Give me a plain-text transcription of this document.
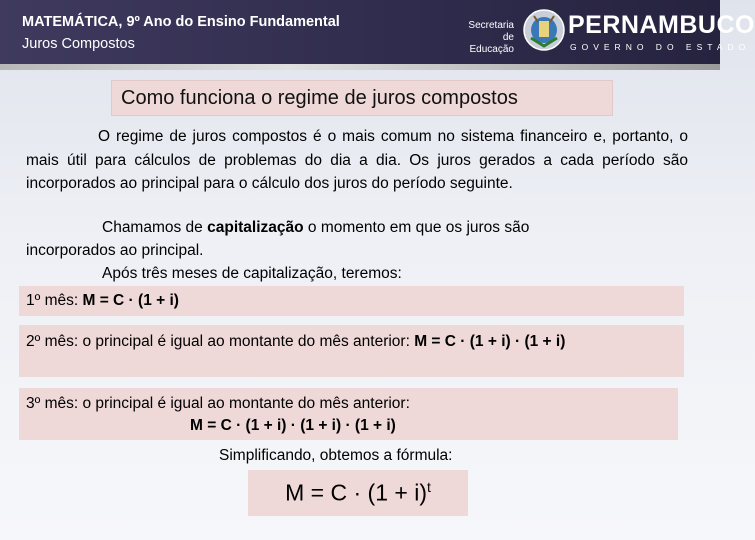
MATEMÁTICA, 9º Ano do Ensino Fundamental
Juros Compostos
Secretaria de
Educação
PERNAMBUCO
GOVERNO DO ESTADO
Como funciona o regime de juros compostos

O regime de juros compostos é o mais comum no sistema financeiro e, portanto, o mais útil para cálculos de problemas do dia a dia. Os juros gerados a cada período são incorporados ao principal para o cálculo dos juros do período seguinte.

Chamamos de capitalização o momento em que os juros são
incorporados ao principal.
Após três meses de capitalização, teremos:
1º mês: M = C · (1 + i)
2º mês: o principal é igual ao montante do mês anterior: M = C · (1 + i) · (1 + i)
3º mês: o principal é igual ao montante do mês anterior:
M = C · (1 + i) · (1 + i) · (1 + i)
Simplificando, obtemos a fórmula:
$M = C \cdot (1 + i)^t$
